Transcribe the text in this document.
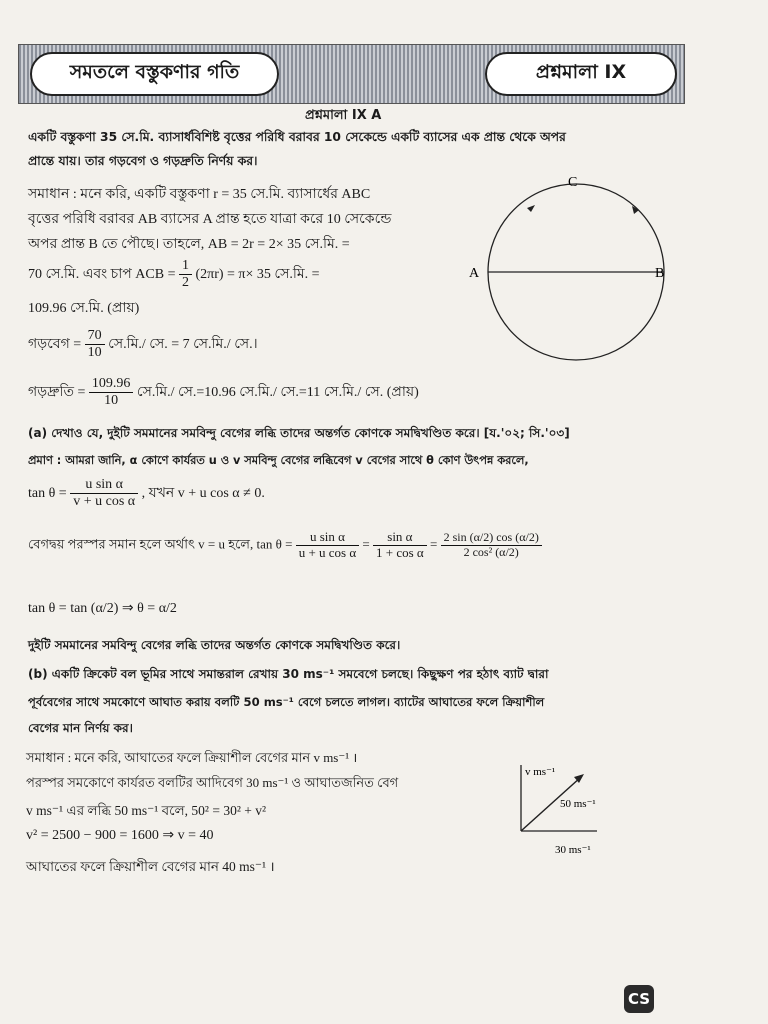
সমতলে বস্তুকণার গতি	প্রশ্নমালা IX
প্রশ্নমালা IX A
একটি বস্তুকণা 35 সে.মি. ব্যাসার্ধবিশিষ্ট বৃত্তের পরিধি বরাবর 10 সেকেন্ডে একটি ব্যাসের এক প্রান্ত থেকে অপর
প্রান্তে যায়। তার গড়বেগ ও গড়দ্রুতি নির্ণয় কর।
সমাধান : মনে করি, একটি বস্তুকণা r = 35 সে.মি. ব্যাসার্ধের ABC
বৃত্তের পরিধি বরাবর AB ব্যাসের A প্রান্ত হতে যাত্রা করে 10 সেকেন্ডে
অপর প্রান্ত B তে পৌছে। তাহলে, AB = 2r = 2× 35 সে.মি. =
70 সে.মি. এবং চাপ ACB = $\frac{1}{2} (2\pi r) = \pi\times 35$ সে.মি. =
109.96 সে.মি. (প্রায়)
গড়বেগ = $\frac{70}{10}$ সে.মি./ সে. = 7 সে.মি./ সে.।
গড়দ্রুতি = $\frac{109.96}{10}$ সে.মি./ সে.=10.96 সে.মি./ সে.=11 সে.মি./ সে. (প্রায়)
A	B
C
(a) দেখাও যে, দুইটি সমমানের সমবিন্দু বেগের লব্ধি তাদের অন্তর্গত কোণকে সমদ্বিখণ্ডিত করে। [য.'০২; সি.'০৩]
প্রমাণ : আমরা জানি, α কোণে কার্যরত u ও v সমবিন্দু বেগের লব্ধিবেগ v বেগের সাথে θ কোণ উৎপন্ন করলে,
$\tan \theta = \frac{\text{u sin α}}{\text{v + u cos α}}$ , যখন v + u cos α ≠ 0.
বেগদ্বয় পরস্পর সমান হলে অর্থাৎ v = u হলে, $\tan \theta = \frac{\text{u sin α}}{\text{u + u cos α}} = \frac{\text{sin α}}{\text{1 + cos α}} = \frac{2 \sin (\alpha/2) \cos (\alpha/2)}{\text{2 cos² (α/2)}}$
tan θ = tan (α/2) ⇒ θ = α/2
দুইটি সমমানের সমবিন্দু বেগের লব্ধি তাদের অন্তর্গত কোণকে সমদ্বিখণ্ডিত করে।
(b) একটি ক্রিকেট বল ভূমির সাথে সমান্তরাল রেখায় 30 ms⁻¹ সমবেগে চলছে। কিছুক্ষণ পর হঠাৎ ব্যাট দ্বারা
পূর্ববেগের সাথে সমকোণে আঘাত করায় বলটি 50 ms⁻¹ বেগে চলতে লাগল। ব্যাটের আঘাতের ফলে ক্রিয়াশীল
বেগের মান নির্ণয় কর।
সমাধান : মনে করি, আঘাতের ফলে ক্রিয়াশীল বেগের মান v ms⁻¹ ।
পরস্পর সমকোণে কার্যরত বলটির আদিবেগ 30 ms⁻¹ ও আঘাতজনিত বেগ
v ms⁻¹ এর লব্ধি 50 ms⁻¹ বলে, 50² = 30² + v²
v² = 2500 − 900 = 1600 ⇒ v = 40
আঘাতের ফলে ক্রিয়াশীল বেগের মান 40 ms⁻¹ ।
v ms⁻¹
50 ms⁻¹
30 ms⁻¹
CS
